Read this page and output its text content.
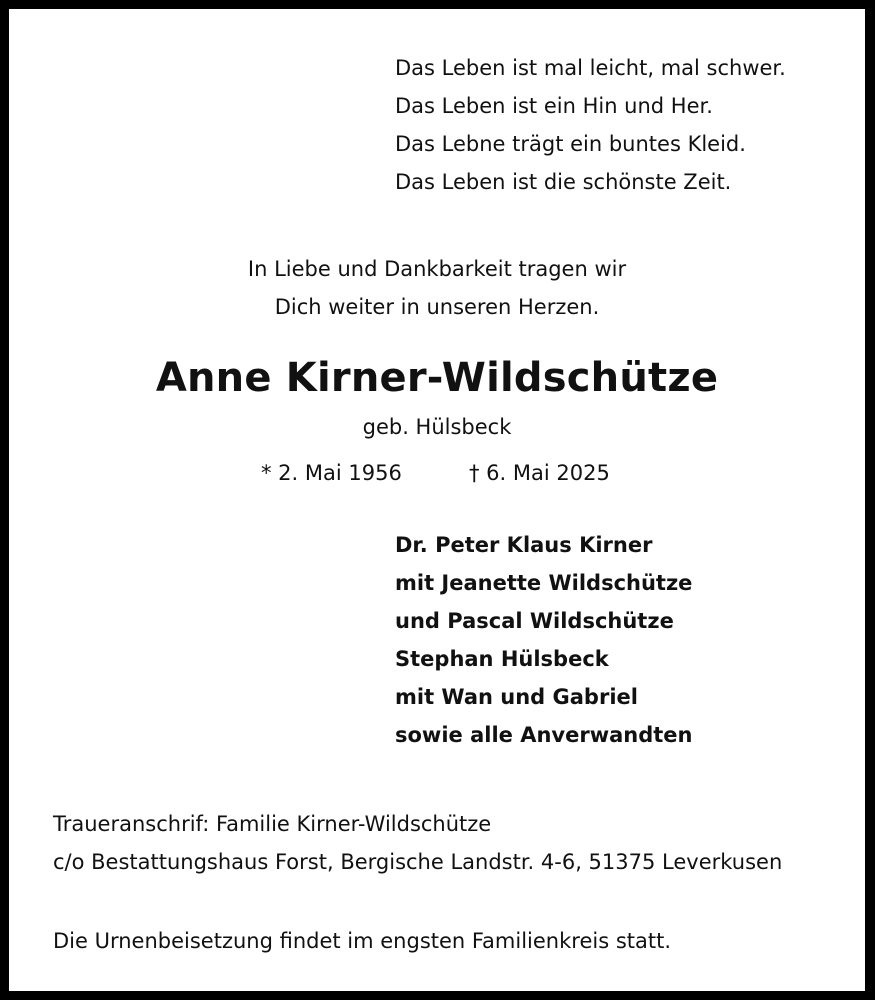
Das Leben ist mal leicht, mal schwer.
Das Leben ist ein Hin und Her.
Das Lebne trägt ein buntes Kleid.
Das Leben ist die schönste Zeit.
In Liebe und Dankbarkeit tragen wir
Dich weiter in unseren Herzen.
Anne Kirner-Wildschütze
geb. Hülsbeck
* 2. Mai 1956	† 6. Mai 2025
Dr. Peter Klaus Kirner
mit Jeanette Wildschütze
und Pascal Wildschütze
Stephan Hülsbeck
mit Wan und Gabriel
sowie alle Anverwandten
Traueranschrif: Familie Kirner-Wildschütze
c/o Bestattungshaus Forst, Bergische Landstr. 4-6, 51375 Leverkusen
Die Urnenbeisetzung findet im engsten Familienkreis statt.
